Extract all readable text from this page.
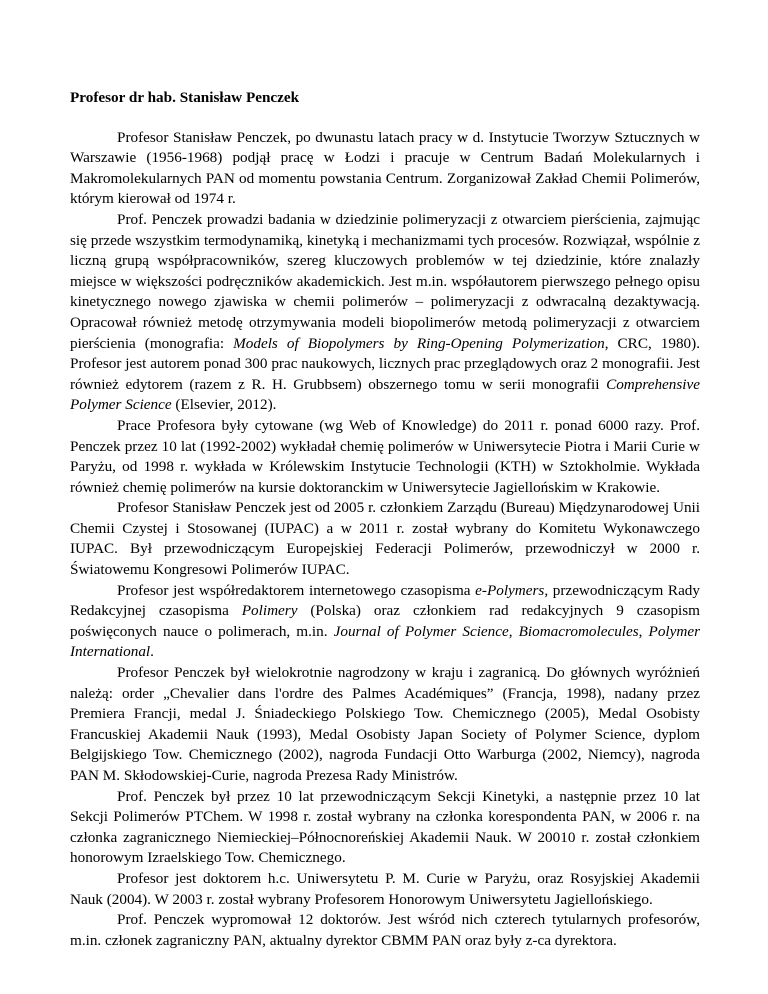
Profesor dr hab. Stanisław Penczek

Profesor Stanisław Penczek, po dwunastu latach pracy w d. Instytucie Tworzyw Sztucznych w Warszawie (1956-1968) podjął pracę w Łodzi i pracuje w Centrum Badań Molekularnych i Makromolekularnych PAN od momentu powstania Centrum. Zorganizował Zakład Chemii Polimerów, którym kierował od 1974 r.

Prof. Penczek prowadzi badania w dziedzinie polimeryzacji z otwarciem pierścienia, zajmując się przede wszystkim termodynamiką, kinetyką i mechanizmami tych procesów. Rozwiązał, wspólnie z liczną grupą współpracowników, szereg kluczowych problemów w tej dziedzinie, które znalazły miejsce w większości podręczników akademickich. Jest m.in. współautorem pierwszego pełnego opisu kinetycznego nowego zjawiska w chemii polimerów – polimeryzacji z odwracalną dezaktywacją. Opracował również metodę otrzymywania modeli biopolimerów metodą polimeryzacji z otwarciem pierścienia (monografia: Models of Biopolymers by Ring-Opening Polymerization, CRC, 1980). Profesor jest autorem ponad 300 prac naukowych, licznych prac przeglądowych oraz 2 monografii. Jest również edytorem (razem z R. H. Grubbsem) obszernego tomu w serii monografii Comprehensive Polymer Science (Elsevier, 2012).

Prace Profesora były cytowane (wg Web of Knowledge) do 2011 r. ponad 6000 razy. Prof. Penczek przez 10 lat (1992-2002) wykładał chemię polimerów w Uniwersytecie Piotra i Marii Curie w Paryżu, od 1998 r. wykłada w Królewskim Instytucie Technologii (KTH) w Sztokholmie. Wykłada również chemię polimerów na kursie doktoranckim w Uniwersytecie Jagiellońskim w Krakowie.

Profesor Stanisław Penczek jest od 2005 r. członkiem Zarządu (Bureau) Międzynarodowej Unii Chemii Czystej i Stosowanej (IUPAC) a w 2011 r. został wybrany do Komitetu Wykonawczego IUPAC. Był przewodniczącym Europejskiej Federacji Polimerów, przewodniczył w 2000 r. Światowemu Kongresowi Polimerów IUPAC.

Profesor jest współredaktorem internetowego czasopisma e-Polymers, przewodniczącym Rady Redakcyjnej czasopisma Polimery (Polska) oraz członkiem rad redakcyjnych 9 czasopism poświęconych nauce o polimerach, m.in. Journal of Polymer Science, Biomacromolecules, Polymer International.

Profesor Penczek był wielokrotnie nagrodzony w kraju i zagranicą. Do głównych wyróżnień należą: order „Chevalier dans l'ordre des Palmes Académiques” (Francja, 1998), nadany przez Premiera Francji, medal J. Śniadeckiego Polskiego Tow. Chemicznego (2005), Medal Osobisty Francuskiej Akademii Nauk (1993), Medal Osobisty Japan Society of Polymer Science, dyplom Belgijskiego Tow. Chemicznego (2002), nagroda Fundacji Otto Warburga (2002, Niemcy), nagroda PAN M. Skłodowskiej-Curie, nagroda Prezesa Rady Ministrów.

Prof. Penczek był przez 10 lat przewodniczącym Sekcji Kinetyki, a następnie przez 10 lat Sekcji Polimerów PTChem. W 1998 r. został wybrany na członka korespondenta PAN, w 2006 r. na członka zagranicznego Niemieckiej–Północnoreńskiej Akademii Nauk. W 20010 r. został członkiem honorowym Izraelskiego Tow. Chemicznego.

Profesor jest doktorem h.c. Uniwersytetu P. M. Curie w Paryżu, oraz Rosyjskiej Akademii Nauk (2004). W 2003 r. został wybrany Profesorem Honorowym Uniwersytetu Jagiellońskiego.

Prof. Penczek wypromował 12 doktorów. Jest wśród nich czterech tytularnych profesorów, m.in. członek zagraniczny PAN, aktualny dyrektor CBMM PAN oraz były z-ca dyrektora.
